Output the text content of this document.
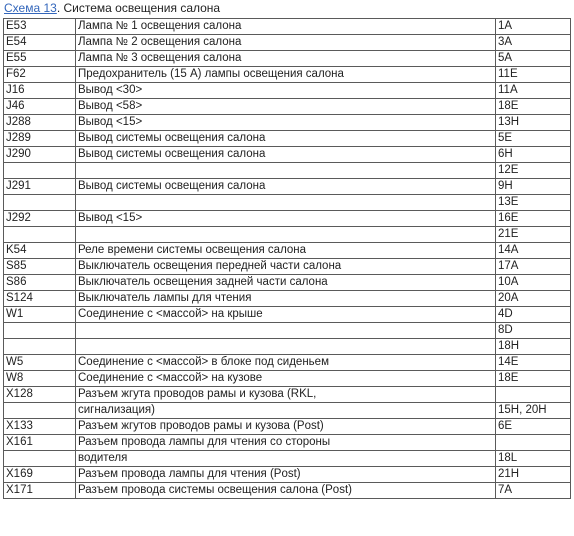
Схема 13. Система освещения салона
E53	Лампа № 1 освещения салона	1A
E54	Лампа № 2 освещения салона	3A
E55	Лампа № 3 освещения салона	5A
F62	Предохранитель (15 А) лампы освещения салона	11E
J16	Вывод <30>	11A
J46	Вывод <58>	18E
J288	Вывод <15>	13H
J289	Вывод системы освещения салона	5E
J290	Вывод системы освещения салона	6H
		12E
J291	Вывод системы освещения салона	9H
		13E
J292	Вывод <15>	16E
		21E
K54	Реле времени системы освещения салона	14A
S85	Выключатель освещения передней части салона	17A
S86	Выключатель освещения задней части салона	10A
S124	Выключатель лампы для чтения	20A
W1	Соединение с <массой> на крыше	4D
		8D
		18H
W5	Соединение с <массой> в блоке под сиденьем	14E
W8	Соединение с <массой> на кузове	18E
X128	Разъем жгута проводов рамы и кузова (RKL,	
	сигнализация)	15H, 20H
X133	Разъем жгутов проводов рамы и кузова (Post)	6E
X161	Разъем провода лампы для чтения со стороны	
	водителя	18L
X169	Разъем провода лампы для чтения (Post)	21H
X171	Разъем провода системы освещения салона (Post)	7A
